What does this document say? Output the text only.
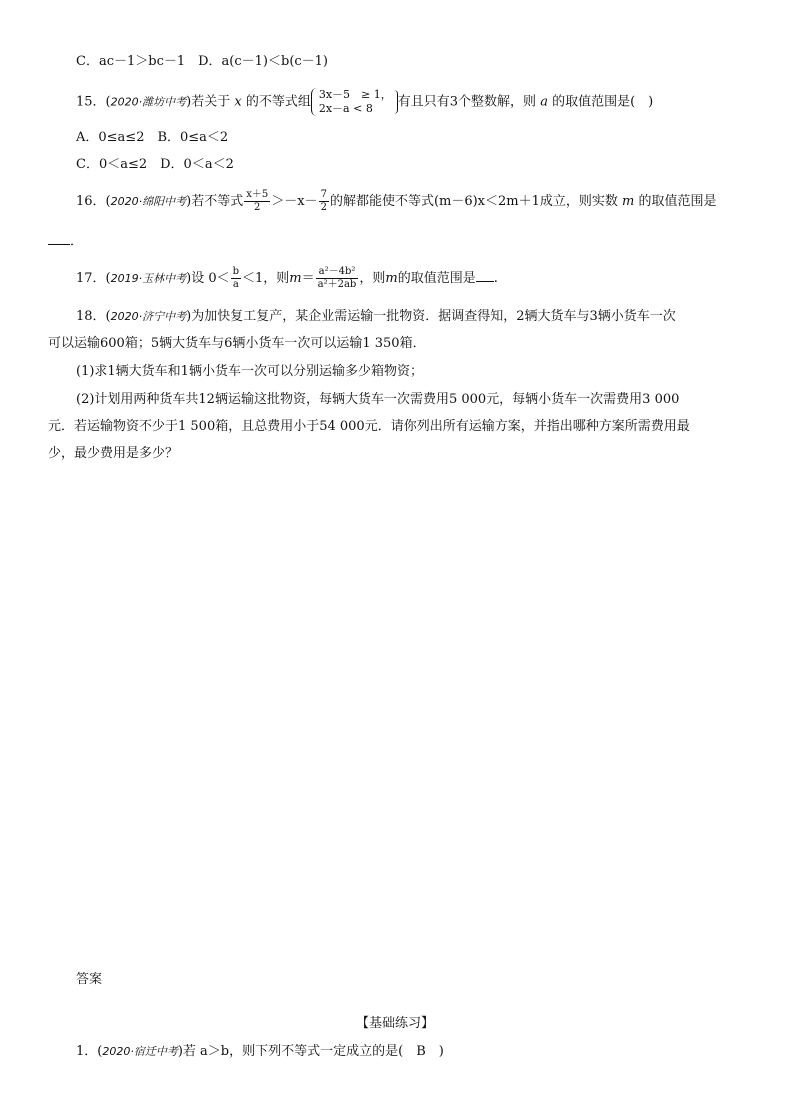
C．ac－1＞bc－1　D．a(c－1)＜b(c－1)
15．(2020·潍坊中考)若关于 x 的不等式组 3x－5　≥ 1，
2x－a < 8	有且只有3个整数解，则 a 的取值范围是(　)
A．0≤a≤2　B．0≤a＜2
C．0＜a≤2　D．0＜a＜2
16．(2020·绵阳中考)若不等式 $\frac{x+5}{2} >-x- \frac{7}{2}$ 的解都能使不等式(m－6)x＜2m＋1成立，则实数 m 的取值范围是
．
17．(2019·玉林中考)设 $0< \frac{b}{a} <1$，则$m= \frac{\text{a²－4b²}}{\text{a²＋2ab}}$ ，则m的取值范围是 .
18．(2020·济宁中考)为加快复工复产，某企业需运输一批物资．据调查得知，2辆大货车与3辆小货车一次
可以运输600箱；5辆大货车与6辆小货车一次可以运输1 350箱．
(1)求1辆大货车和1辆小货车一次可以分别运输多少箱物资；
(2)计划用两种货车共12辆运输这批物资，每辆大货车一次需费用5 000元，每辆小货车一次需费用3 000
元．若运输物资不少于1 500箱，且总费用小于54 000元．请你列出所有运输方案，并指出哪种方案所需费用最
少，最少费用是多少？
答案
【基础练习】
1．(2020·宿迁中考)若 a＞b，则下列不等式一定成立的是(　B　)
